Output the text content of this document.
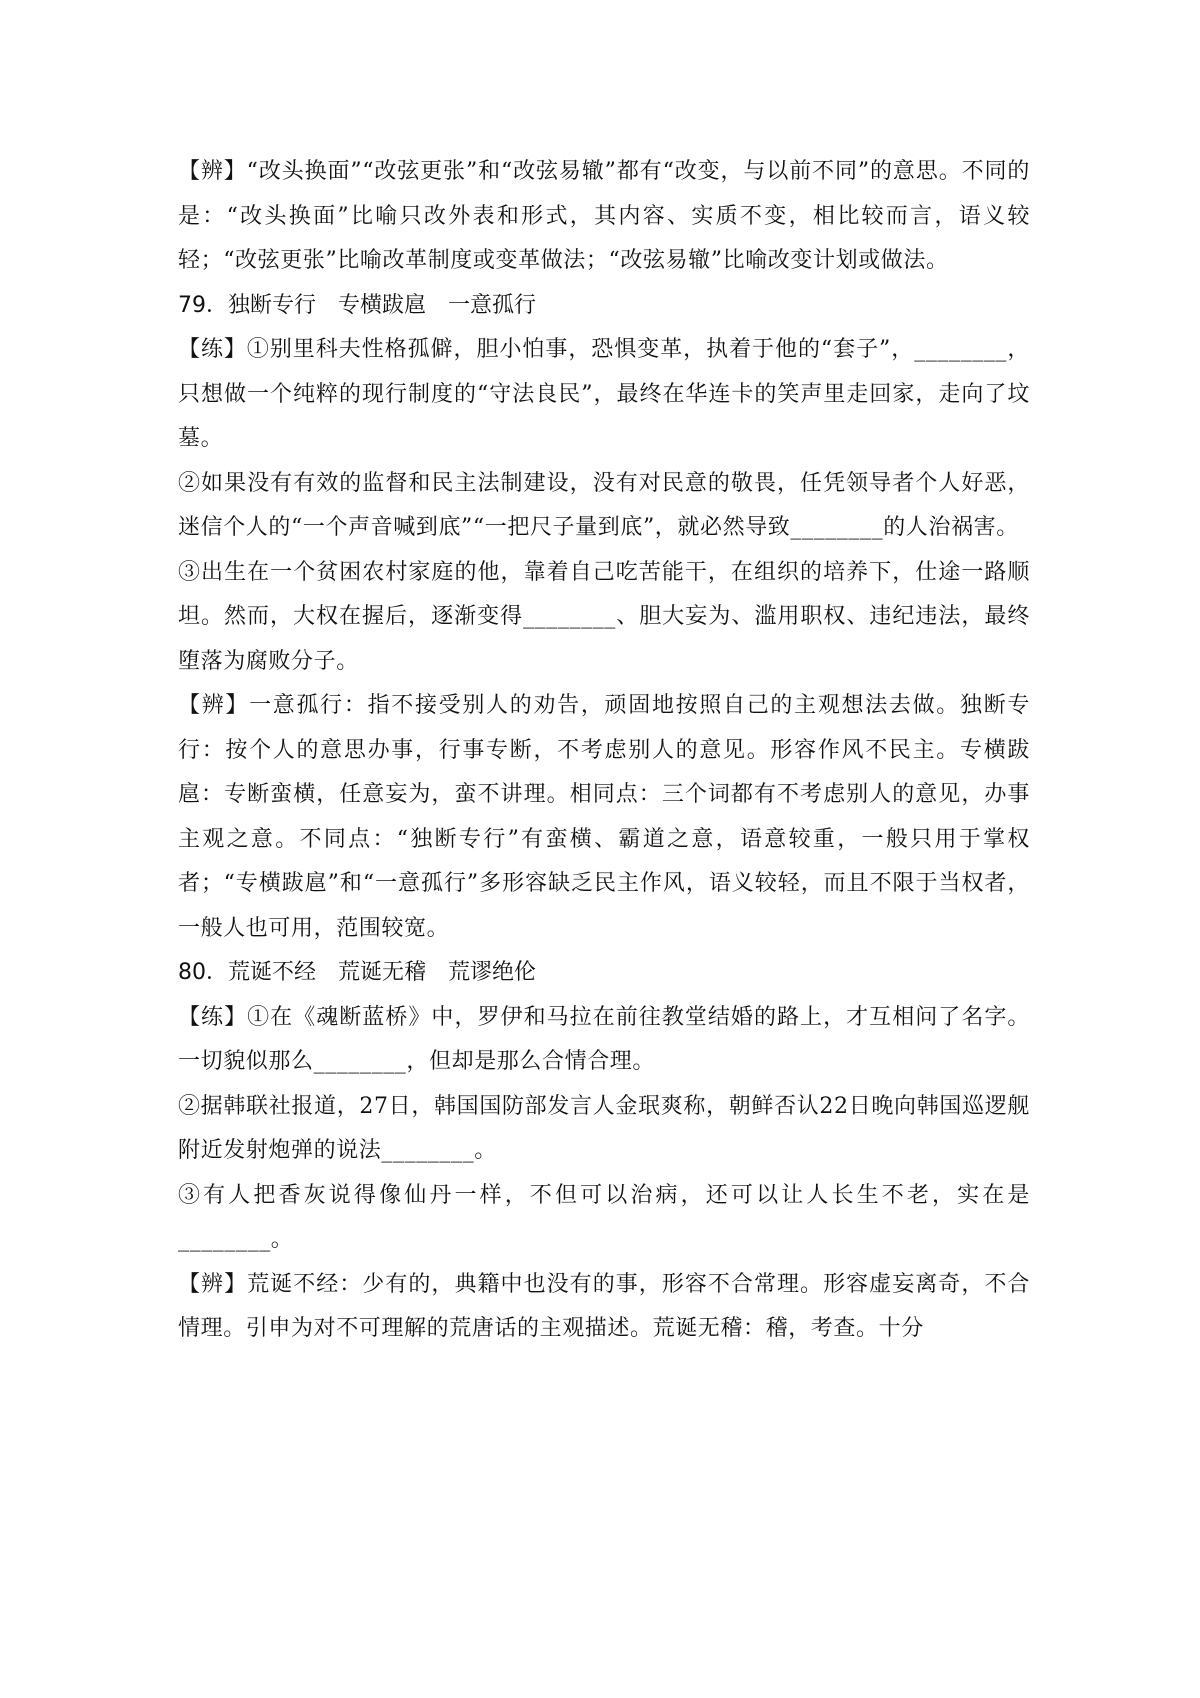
【辨】“改头换面”“改弦更张”和“改弦易辙”都有“改变，与以前不同”的意思。不同的是：“改头换面”比喻只改外表和形式，其内容、实质不变，相比较而言，语义较轻；“改弦更张”比喻改革制度或变革做法；“改弦易辙”比喻改变计划或做法。

79．独断专行　专横跋扈　一意孤行

【练】①别里科夫性格孤僻，胆小怕事，恐惧变革，执着于他的“套子”，________，只想做一个纯粹的现行制度的“守法良民”，最终在华连卡的笑声里走回家，走向了坟墓。

②如果没有有效的监督和民主法制建设，没有对民意的敬畏，任凭领导者个人好恶，迷信个人的“一个声音喊到底”“一把尺子量到底”，就必然导致________的人治祸害。

③出生在一个贫困农村家庭的他，靠着自己吃苦能干，在组织的培养下，仕途一路顺坦。然而，大权在握后，逐渐变得________、胆大妄为、滥用职权、违纪违法，最终堕落为腐败分子。

【辨】一意孤行：指不接受别人的劝告，顽固地按照自己的主观想法去做。独断专行：按个人的意思办事，行事专断，不考虑别人的意见。形容作风不民主。专横跋扈：专断蛮横，任意妄为，蛮不讲理。相同点：三个词都有不考虑别人的意见，办事主观之意。不同点：“独断专行”有蛮横、霸道之意，语意较重，一般只用于掌权者；“专横跋扈”和“一意孤行”多形容缺乏民主作风，语义较轻，而且不限于当权者，一般人也可用，范围较宽。

80．荒诞不经　荒诞无稽　荒谬绝伦

【练】①在《魂断蓝桥》中，罗伊和马拉在前往教堂结婚的路上，才互相问了名字。一切貌似那么________，但却是那么合情合理。

②据韩联社报道，27日，韩国国防部发言人金珉爽称，朝鲜否认22日晚向韩国巡逻舰附近发射炮弹的说法________。

③有人把香灰说得像仙丹一样，不但可以治病，还可以让人长生不老，实在是________。

【辨】荒诞不经：少有的，典籍中也没有的事，形容不合常理。形容虚妄离奇，不合情理。引申为对不可理解的荒唐话的主观描述。荒诞无稽：稽，考查。十分
